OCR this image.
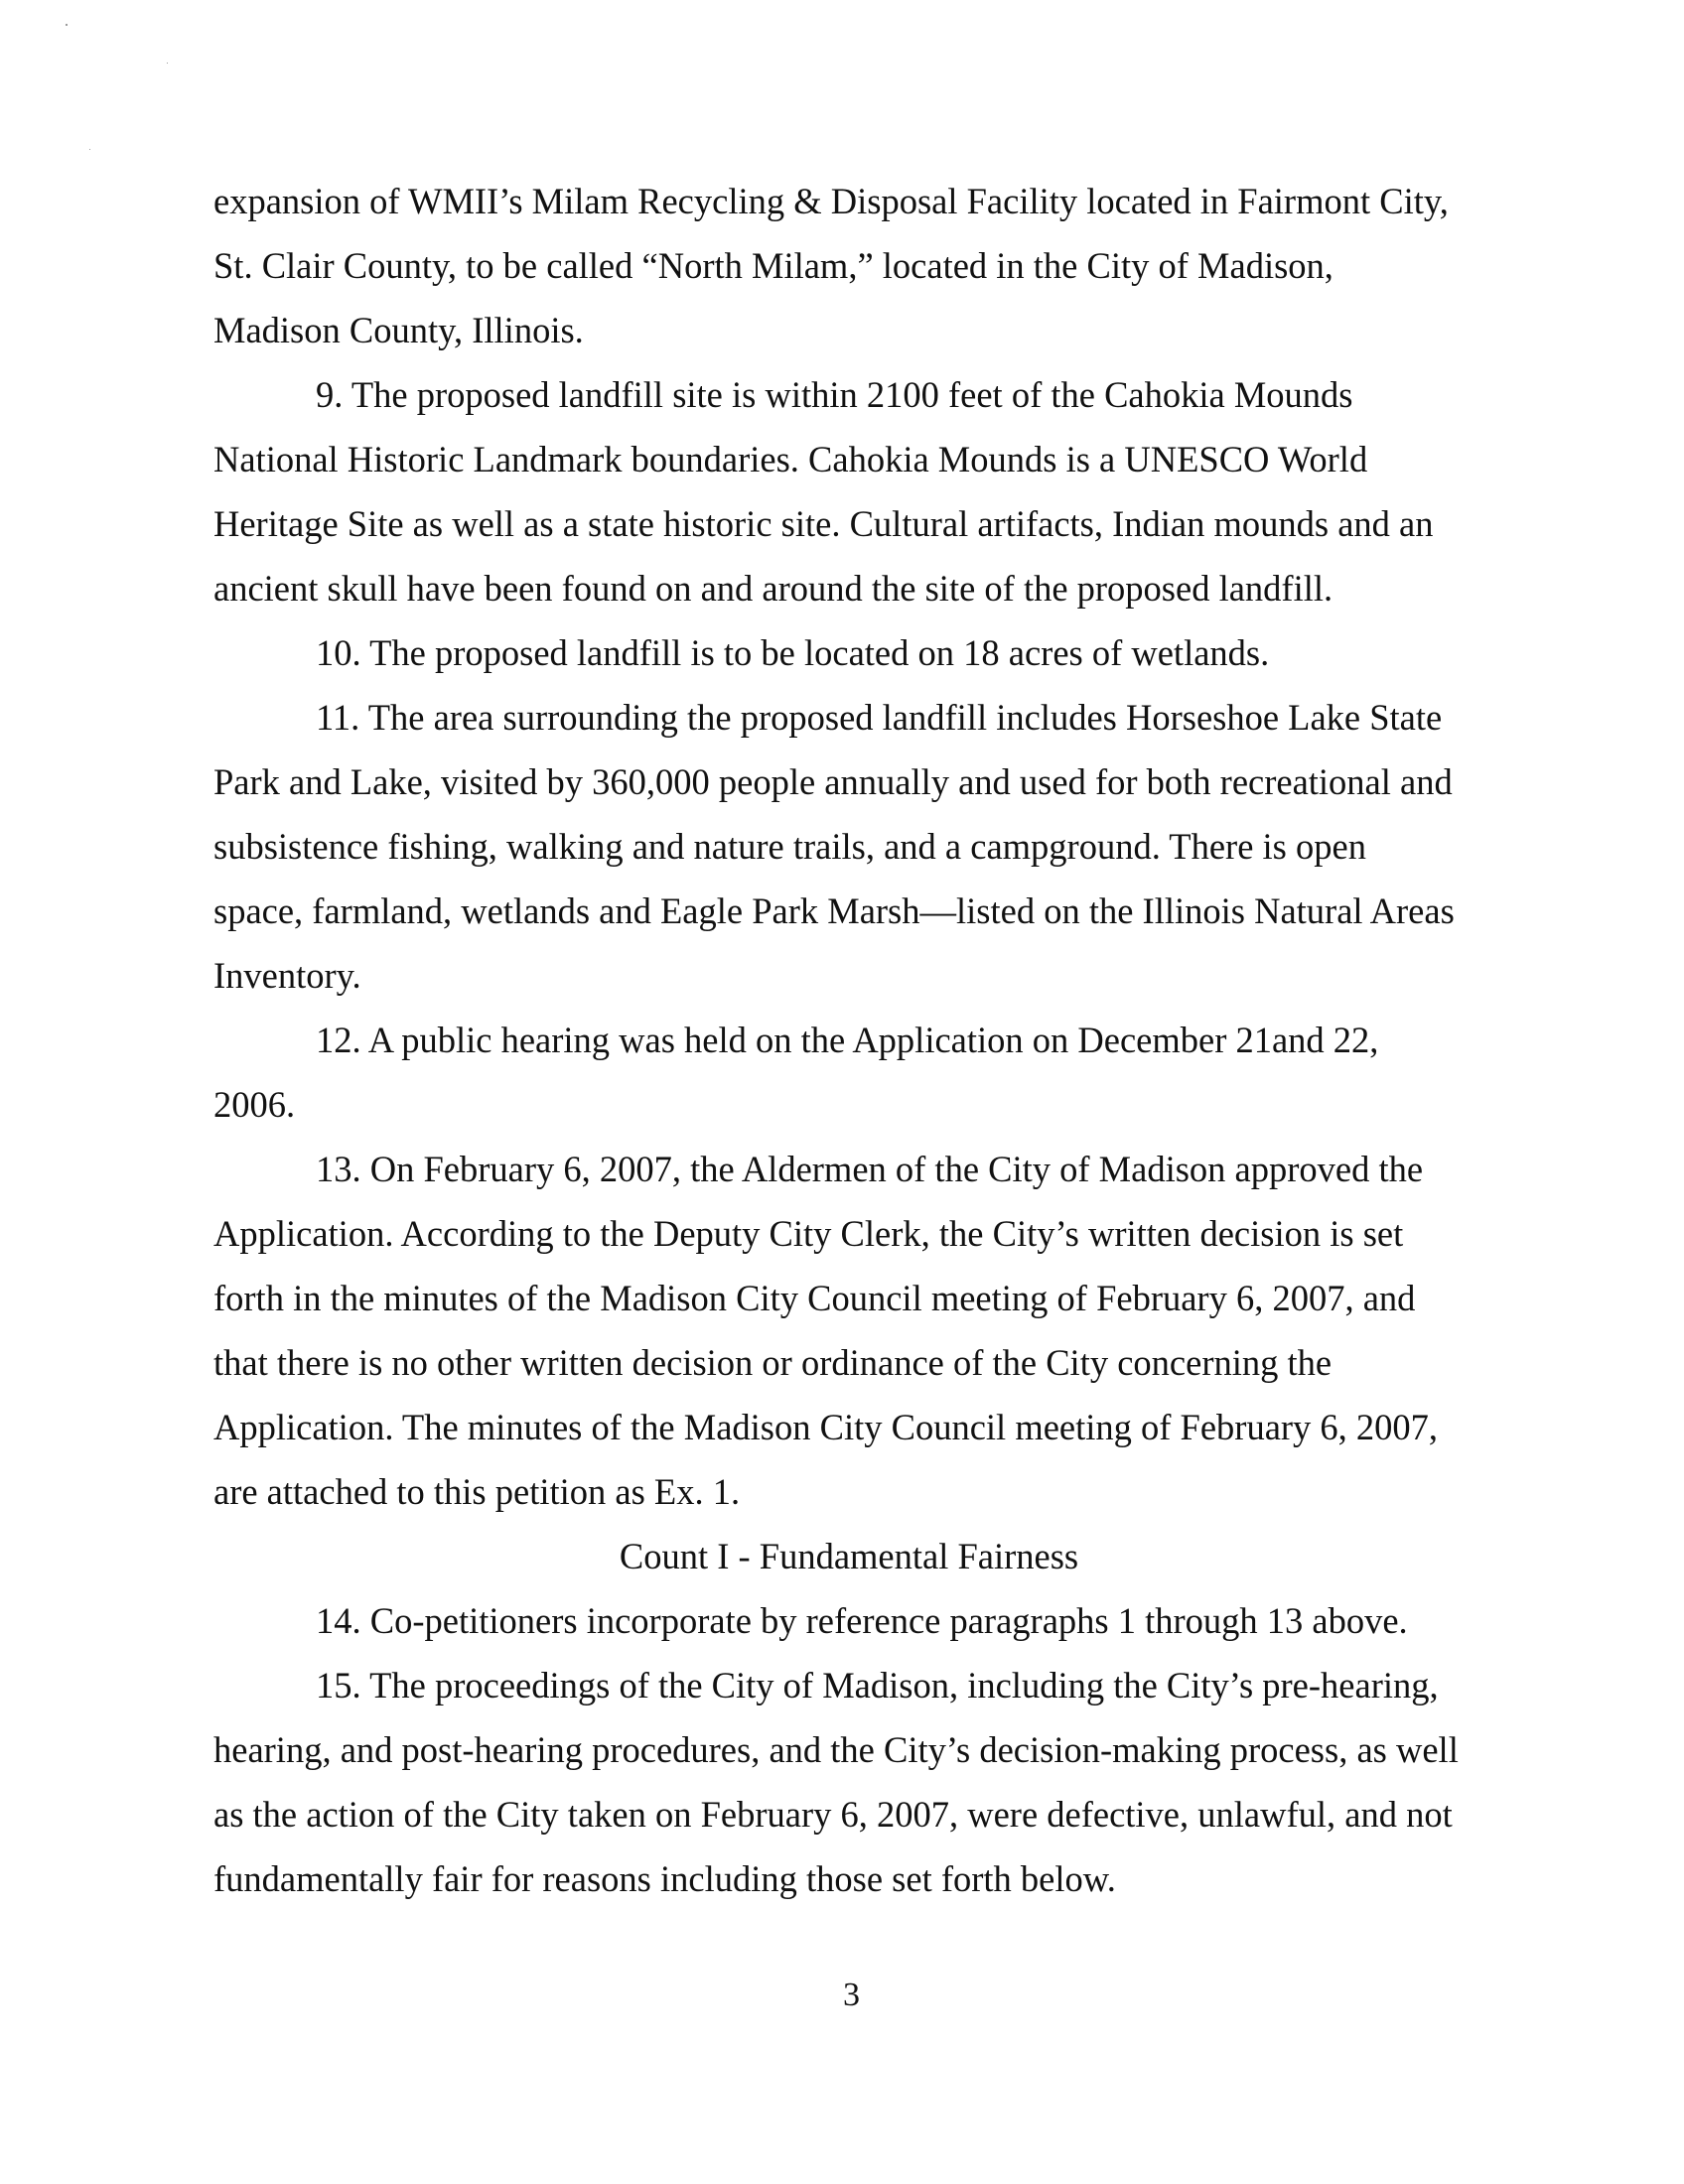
expansion of WMII’s Milam Recycling & Disposal Facility located in Fairmont City,
St. Clair County, to be called “North Milam,” located in the City of Madison,
Madison County, Illinois.
9. The proposed landfill site is within 2100 feet of the Cahokia Mounds
National Historic Landmark boundaries. Cahokia Mounds is a UNESCO World
Heritage Site as well as a state historic site. Cultural artifacts, Indian mounds and an
ancient skull have been found on and around the site of the proposed landfill.
10. The proposed landfill is to be located on 18 acres of wetlands.
11. The area surrounding the proposed landfill includes Horseshoe Lake State
Park and Lake, visited by 360,000 people annually and used for both recreational and
subsistence fishing, walking and nature trails, and a campground. There is open
space, farmland, wetlands and Eagle Park Marsh—listed on the Illinois Natural Areas
Inventory.
12. A public hearing was held on the Application on December 21and 22,
2006.
13. On February 6, 2007, the Aldermen of the City of Madison approved the
Application. According to the Deputy City Clerk, the City’s written decision is set
forth in the minutes of the Madison City Council meeting of February 6, 2007, and
that there is no other written decision or ordinance of the City concerning the
Application. The minutes of the Madison City Council meeting of February 6, 2007,
are attached to this petition as Ex. 1.
Count I - Fundamental Fairness
14. Co-petitioners incorporate by reference paragraphs 1 through 13 above.
15. The proceedings of the City of Madison, including the City’s pre-hearing,
hearing, and post-hearing procedures, and the City’s decision-making process, as well
as the action of the City taken on February 6, 2007, were defective, unlawful, and not
fundamentally fair for reasons including those set forth below.
3
